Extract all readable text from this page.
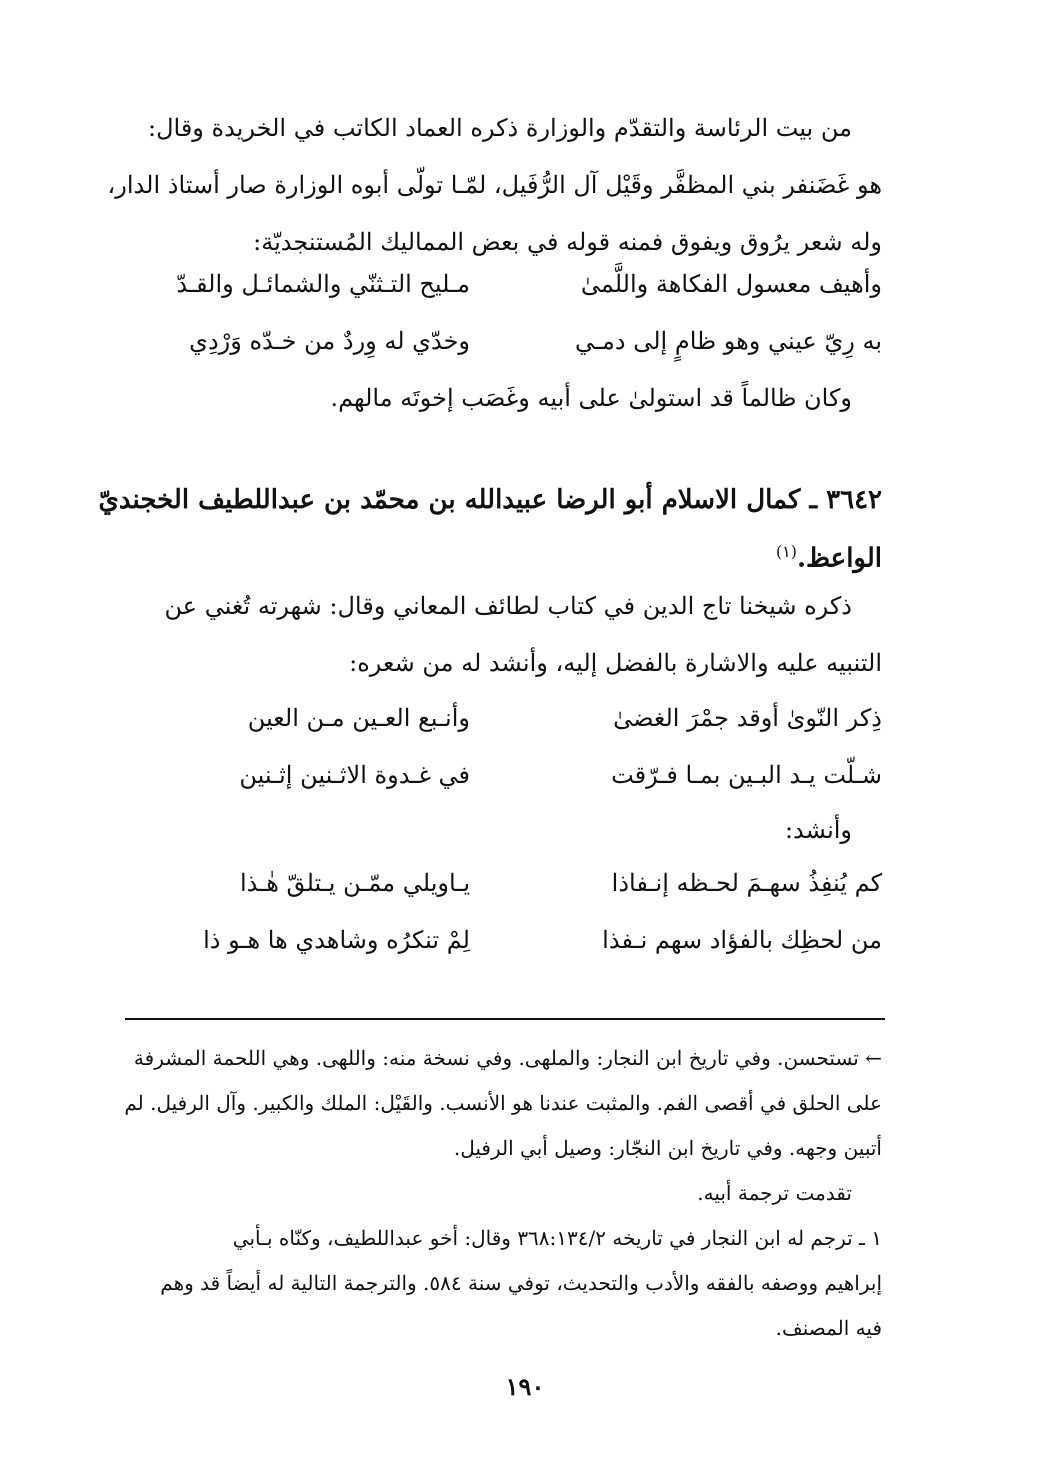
من بيت الرئاسة والتقدّم والوزارة ذكره العماد الكاتب في الخريدة وقال:
هو غَضَنفر بني المظفَّر وقَيْل آل الرُّفَيل، لمّـا تولّى أبوه الوزارة صار أستاذ الدار،
وله شعر يرُوق ويفوق فمنه قوله في بعض المماليك المُستنجديّة:
وأهيف معسول الفكاهة واللَّمىٰ
مـليح التـثنّي والشمائـل والقـدّ
به رِيّ عيني وهو ظامٍ إلى دمـي
وخدّي له وِردٌ من خـدّه وَرْدِي
وكان ظالماً قد استولىٰ على أبيه وغَصَب إخوتَه مالهم.
٣٦٤٢ ـ كمال الاسلام أبو الرضا عبيدالله بن محمّد بن عبداللطيف الخجنديّ
الواعظ.$^{(١)}$
ذكره شيخنا تاج الدين في كتاب لطائف المعاني وقال: شهرته تُغني عن
التنبيه عليه والاشارة بالفضل إليه، وأنشد له من شعره:
ذِكر النّوىٰ أوقد جمْرَ الغضىٰ
وأنـبع العـين مـن العين
شـلّت يـد البـين بمـا فـرّقت
في غـدوة الاثـنين إثـنين
وأنشد:
كم يُنفِذُ سهـمَ لحـظه إنـفاذا
يـاويلي ممّـن يـتلقّ هٰـذا
من لحظِك بالفؤاد سهم نـفذا
لِمْ تنكرُه وشاهدي ها هـو ذا
← تستحسن. وفي تاريخ ابن النجار: والملهى. وفي نسخة منه: واللهى. وهي اللحمة المشرفة
على الحلق في أقصى الفم. والمثبت عندنا هو الأنسب. والقَيْل: الملك والكبير. وآل الرفيل. لم
أتبين وجهه. وفي تاريخ ابن النجّار: وصيل أبي الرفيل.
تقدمت ترجمة أبيه.
١ ـ ترجم له ابن النجار في تاريخه ٣٦٨:١٣٤/٢ وقال: أخو عبداللطيف، وكنّاه بـأبي
إبراهيم ووصفه بالفقه والأدب والتحديث، توفي سنة ٥٨٤. والترجمة التالية له أيضاً قد وهم
فيه المصنف.
١٩٠
